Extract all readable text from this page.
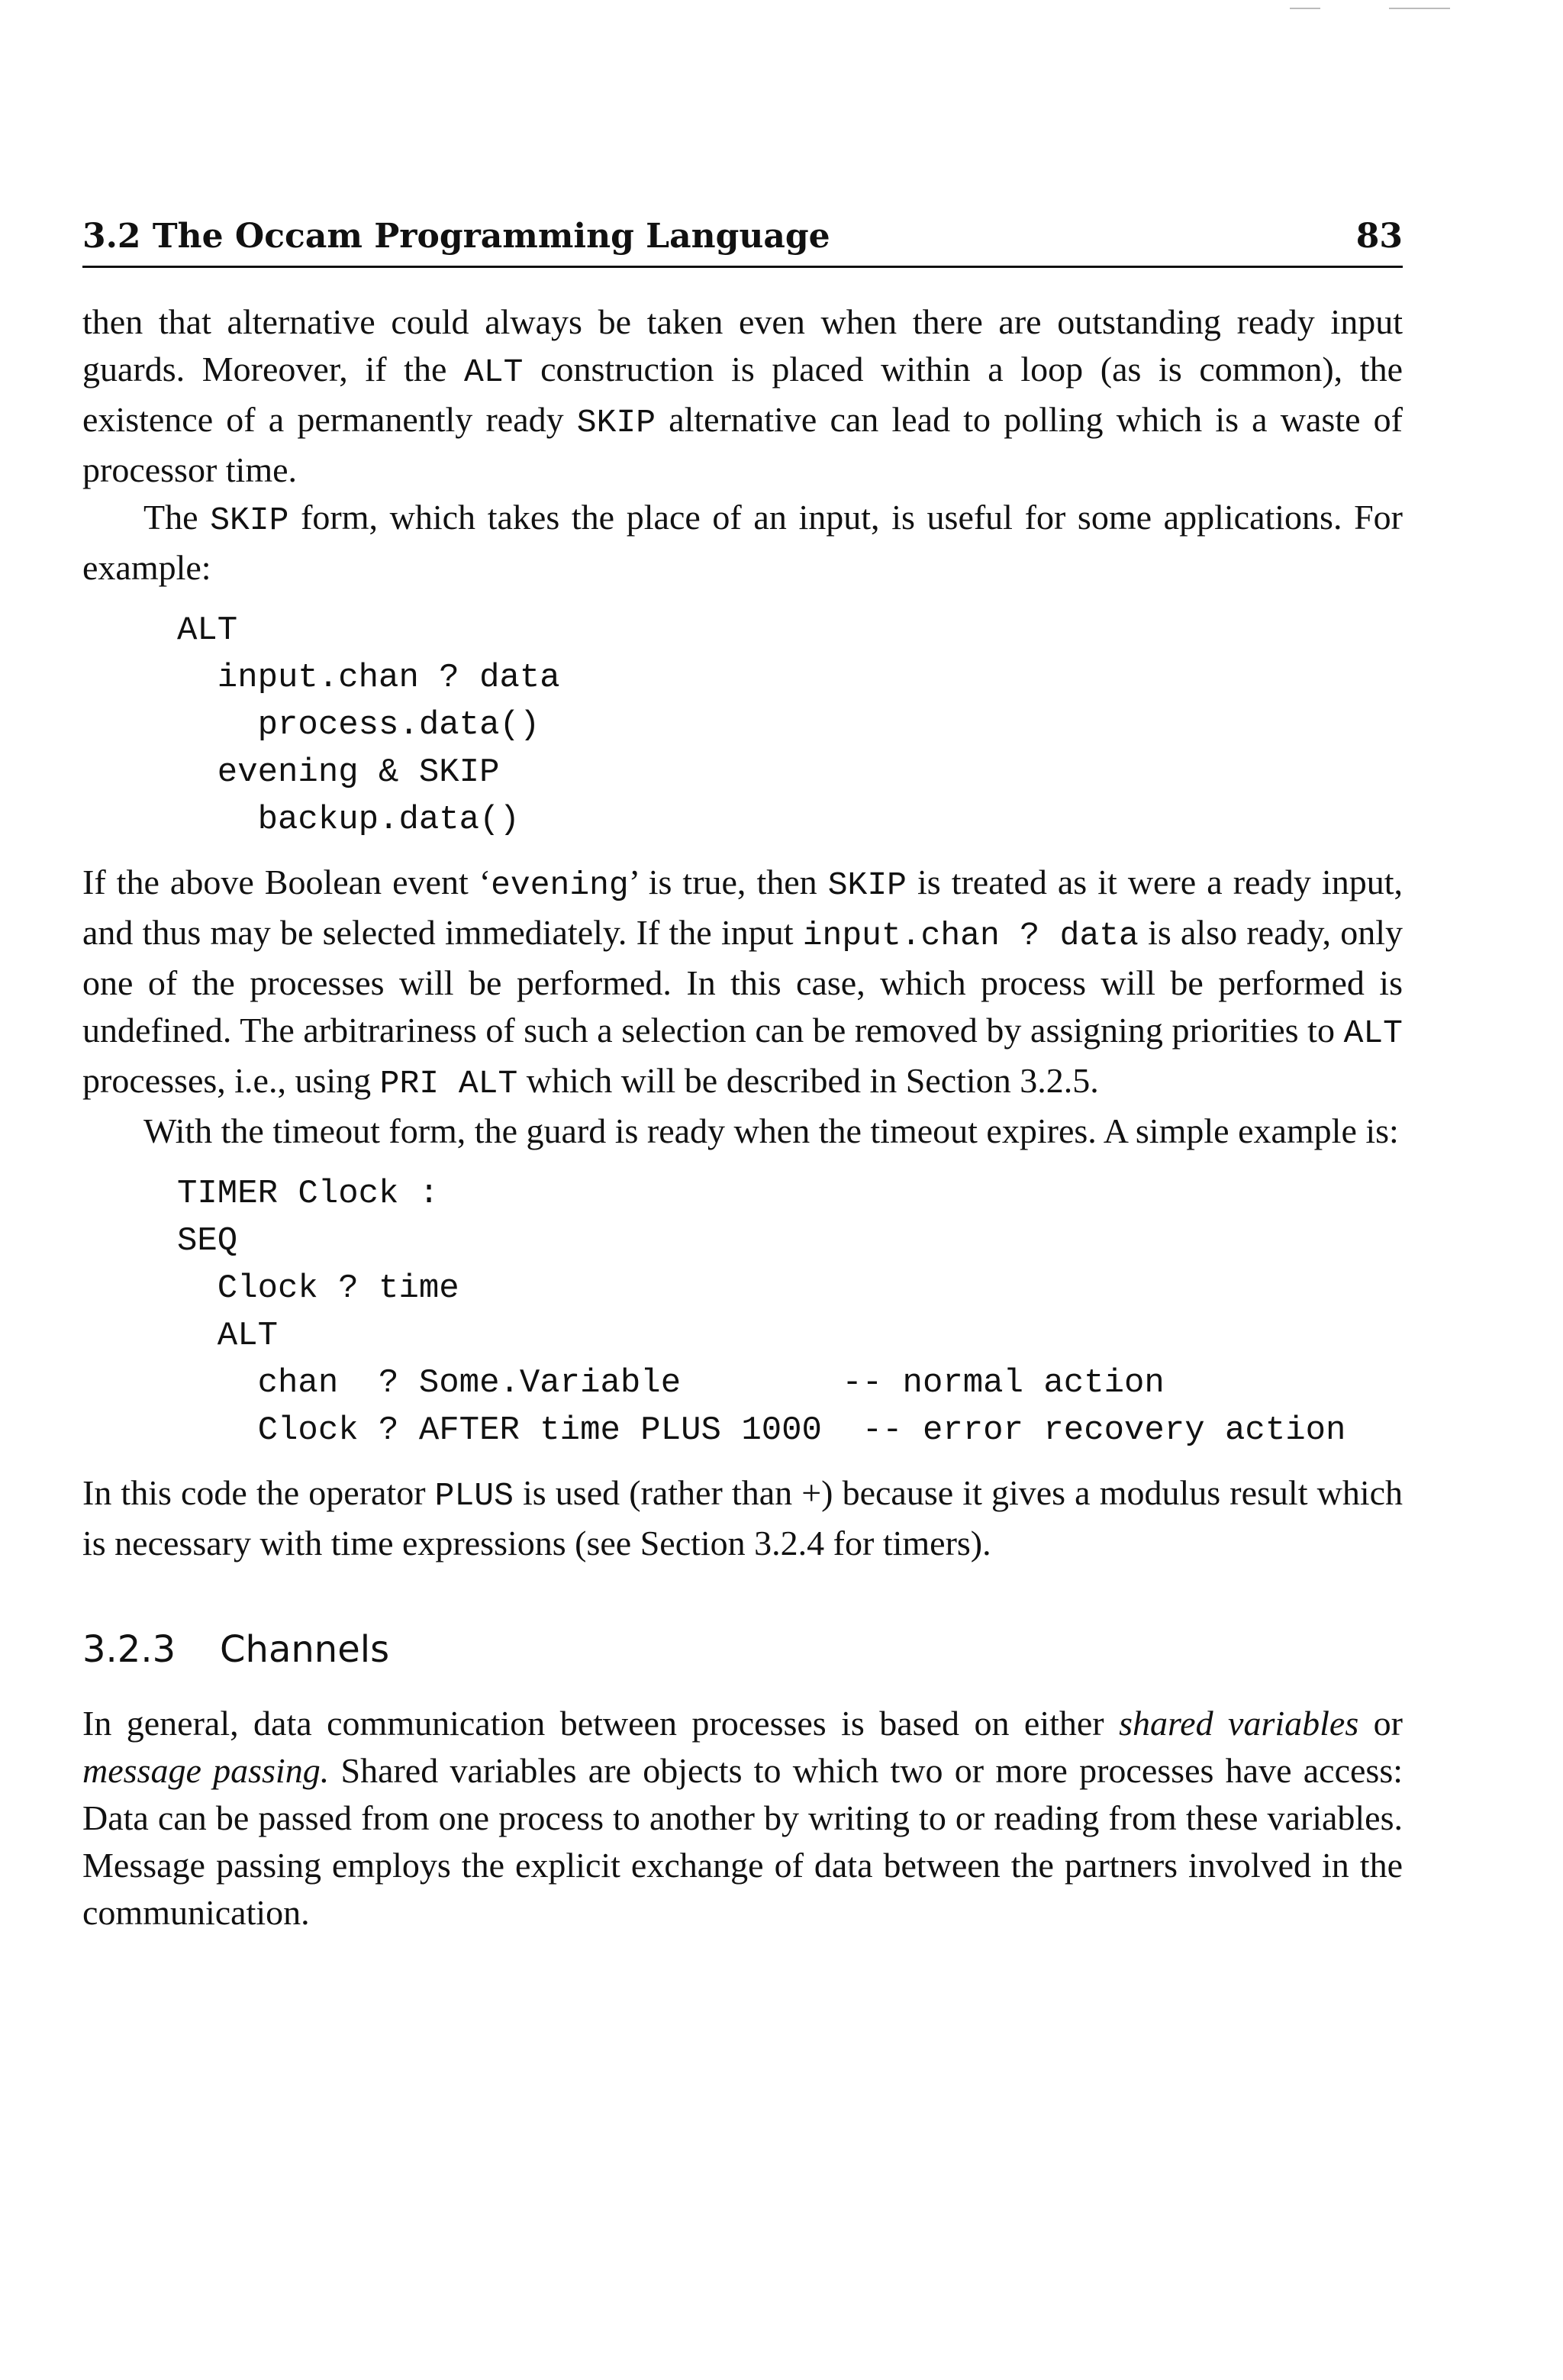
3.2 The Occam Programming Language	83

then that alternative could always be taken even when there are outstanding ready input guards. Moreover, if the ALT construction is placed within a loop (as is common), the existence of a permanently ready SKIP alternative can lead to polling which is a waste of processor time.

The SKIP form, which takes the place of an input, is useful for some applications. For example:

ALT
input.chan ? data
process.data()
evening & SKIP
backup.data()

If the above Boolean event ‘evening’ is true, then SKIP is treated as it were a ready input, and thus may be selected immediately. If the input input.chan ? data is also ready, only one of the processes will be performed. In this case, which process will be performed is undefined. The arbitrariness of such a selection can be removed by assigning priorities to ALT processes, i.e., using PRI ALT which will be described in Section 3.2.5.

With the timeout form, the guard is ready when the timeout expires. A simple example is:

TIMER Clock :
SEQ
Clock ? time
ALT
chan  ? Some.Variable        -- normal action
Clock ? AFTER time PLUS 1000  -- error recovery action

In this code the operator PLUS is used (rather than +) because it gives a modulus result which is necessary with time expressions (see Section 3.2.4 for timers).

3.2.3 Channels

In general, data communication between processes is based on either shared variables or message passing. Shared variables are objects to which two or more processes have access: Data can be passed from one process to another by writing to or reading from these variables. Message passing employs the explicit exchange of data between the partners involved in the communication.
